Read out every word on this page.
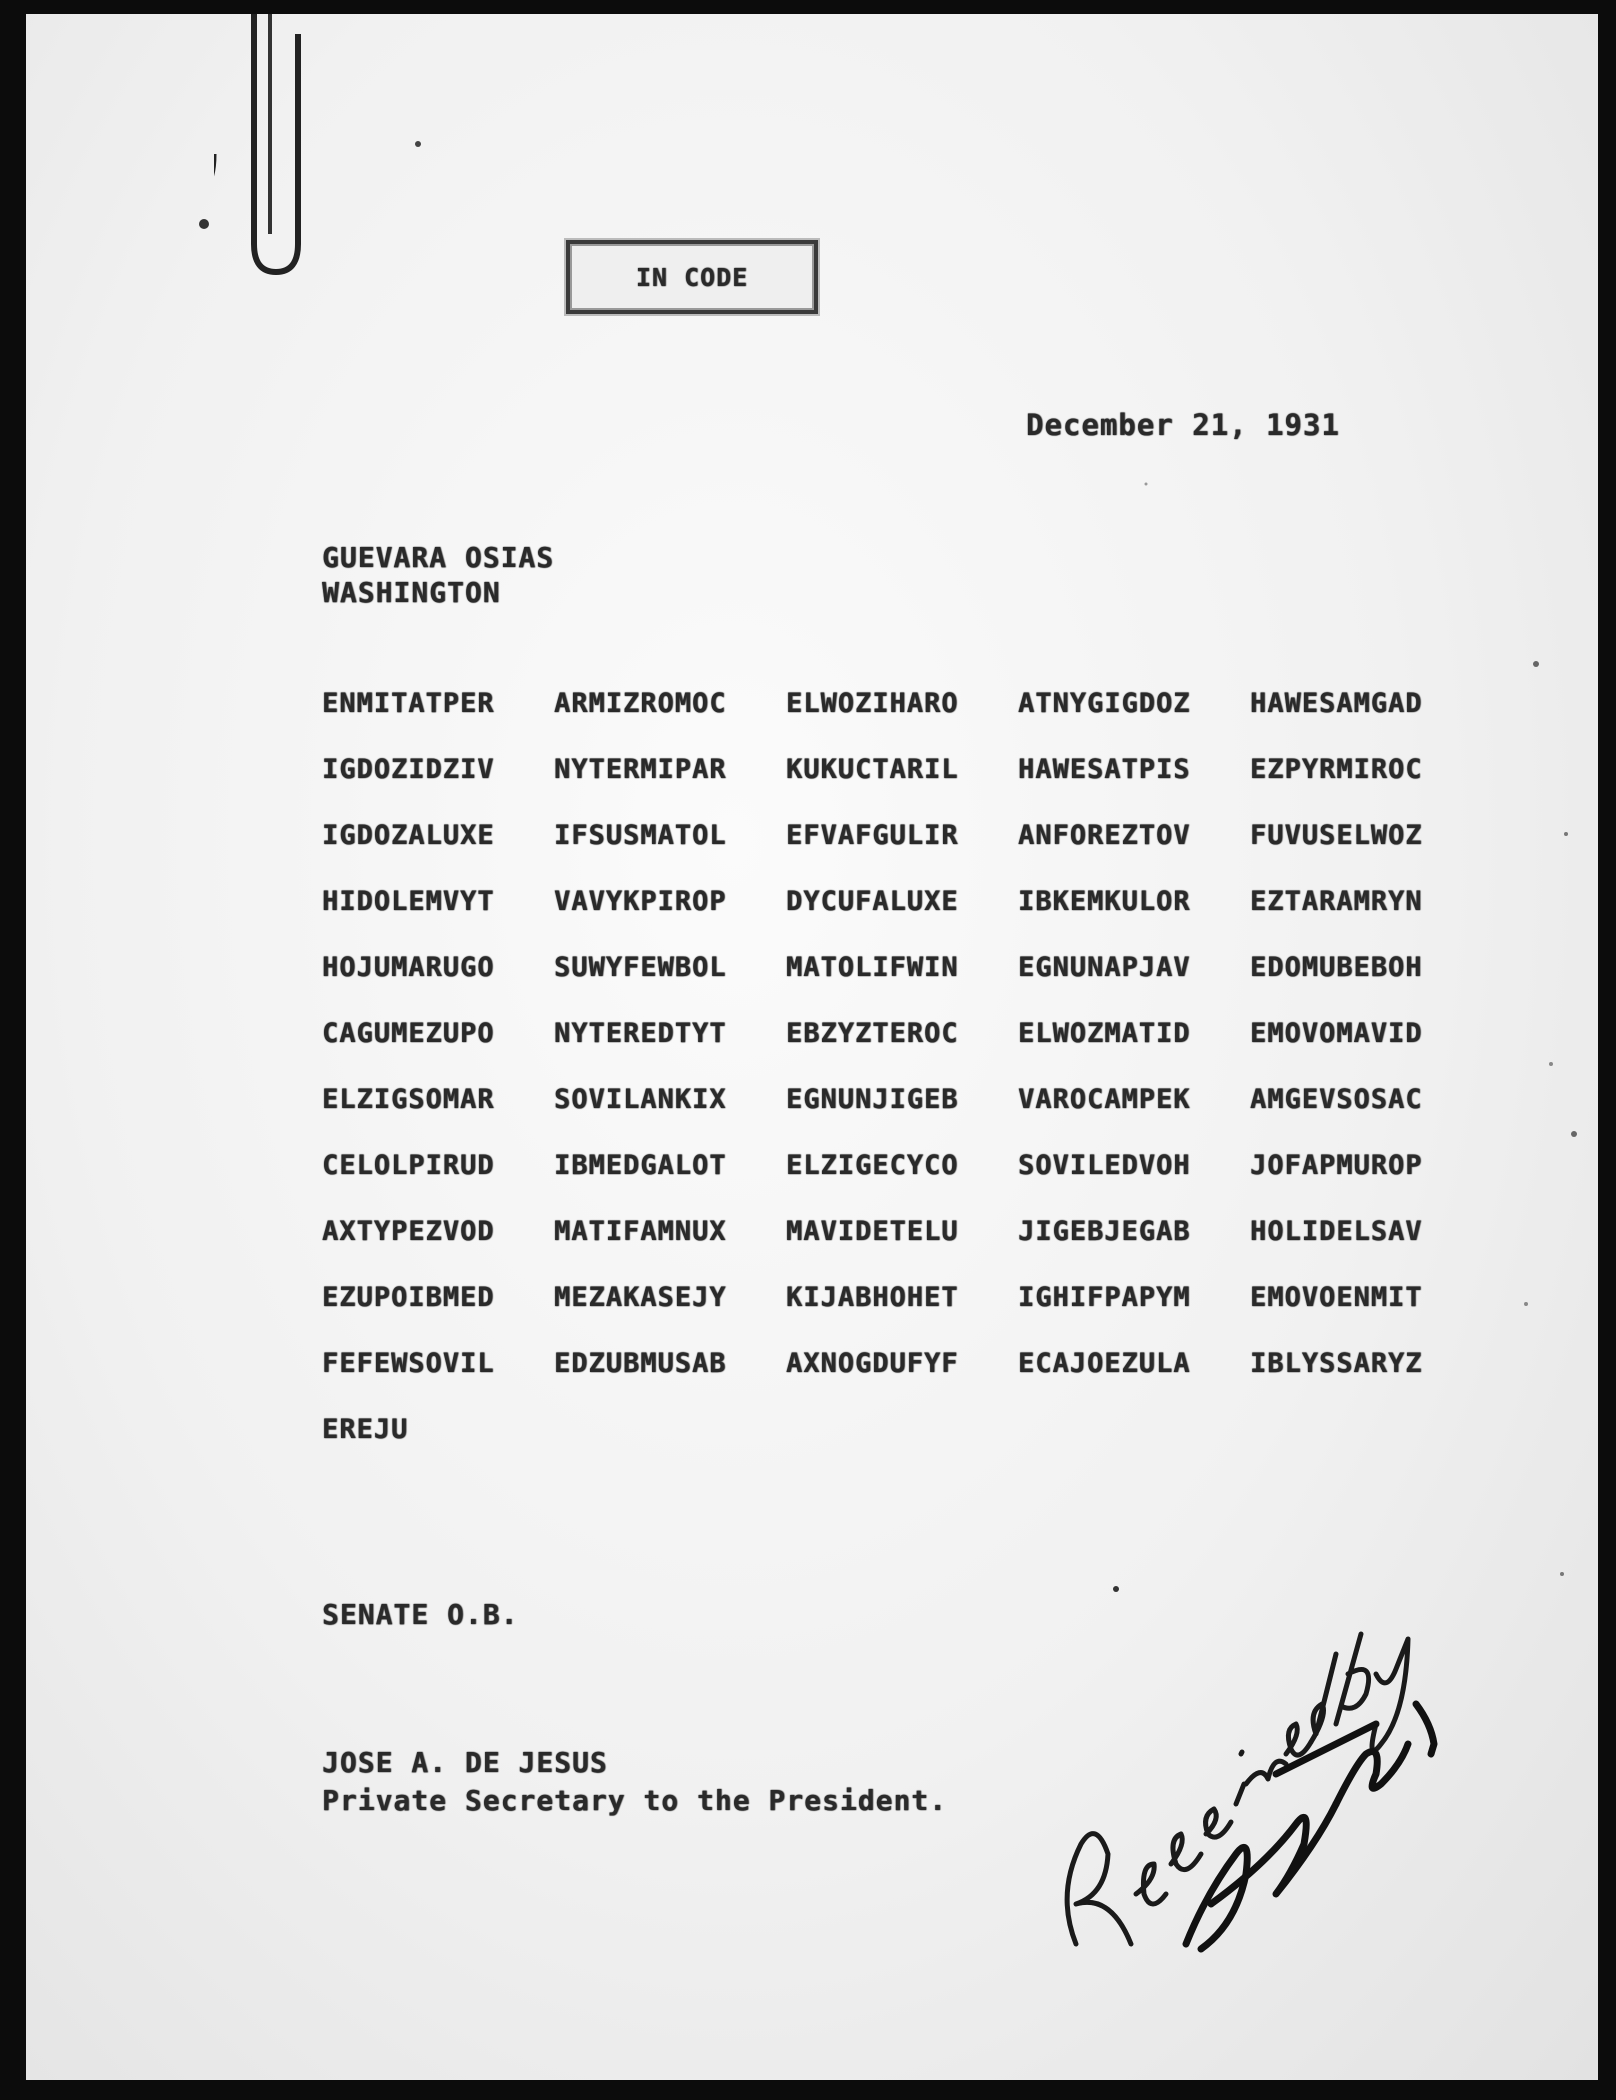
IN CODE
December 21, 1931
GUEVARA OSIAS
WASHINGTON
ENMITATPER	ARMIZROMOC	ELWOZIHARO	ATNYGIGDOZ	HAWESAMGAD
IGDOZIDZIV	NYTERMIPAR	KUKUCTARIL	HAWESATPIS	EZPYRMIROC
IGDOZALUXE	IFSUSMATOL	EFVAFGULIR	ANFOREZTOV	FUVUSELWOZ
HIDOLEMVYT	VAVYKPIROP	DYCUFALUXE	IBKEMKULOR	EZTARAMRYN
HOJUMARUGO	SUWYFEWBOL	MATOLIFWIN	EGNUNAPJAV	EDOMUBEBOH
CAGUMEZUPO	NYTEREDTYT	EBZYZTEROC	ELWOZMATID	EMOVOMAVID
ELZIGSOMAR	SOVILANKIX	EGNUNJIGEB	VAROCAMPEK	AMGEVSOSAC
CELOLPIRUD	IBMEDGALOT	ELZIGECYCO	SOVILEDVOH	JOFAPMUROP
AXTYPEZVOD	MATIFAMNUX	MAVIDETELU	JIGEBJEGAB	HOLIDELSAV
EZUPOIBMED	MEZAKASEJY	KIJABHOHET	IGHIFPAPYM	EMOVOENMIT
FEFEWSOVIL	EDZUBMUSAB	AXNOGDUFYF	ECAJOEZULA	IBLYSSARYZ
EREJU
SENATE O.B.
JOSE A. DE JESUS
Private Secretary to the President.
